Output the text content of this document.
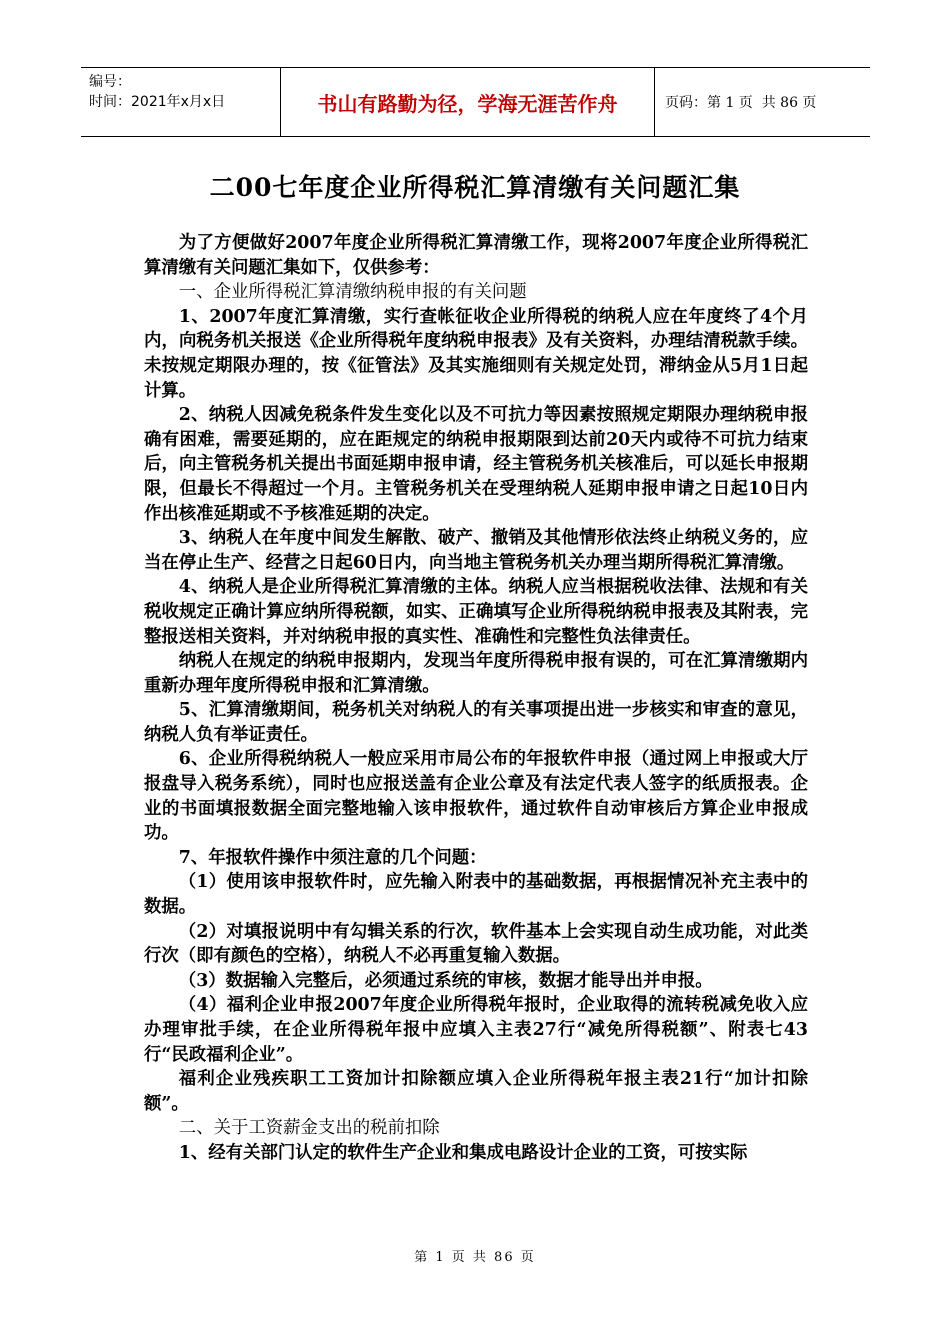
编号：
时间：2021年x月x日	书山有路勤为径，学海无涯苦作舟	页码：第 1 页  共 86 页
二00七年度企业所得税汇算清缴有关问题汇集

为了方便做好2007年度企业所得税汇算清缴工作，现将2007年度企业所得税汇算清缴有关问题汇集如下，仅供参考：

一、企业所得税汇算清缴纳税申报的有关问题

1、2007年度汇算清缴，实行查帐征收企业所得税的纳税人应在年度终了4个月内，向税务机关报送《企业所得税年度纳税申报表》及有关资料，办理结清税款手续。未按规定期限办理的，按《征管法》及其实施细则有关规定处罚，滞纳金从5月1日起计算。

2、纳税人因减免税条件发生变化以及不可抗力等因素按照规定期限办理纳税申报确有困难，需要延期的，应在距规定的纳税申报期限到达前20天内或待不可抗力结束后，向主管税务机关提出书面延期申报申请，经主管税务机关核准后，可以延长申报期限，但最长不得超过一个月。主管税务机关在受理纳税人延期申报申请之日起10日内作出核准延期或不予核准延期的决定。

3、纳税人在年度中间发生解散、破产、撤销及其他情形依法终止纳税义务的，应当在停止生产、经营之日起60日内，向当地主管税务机关办理当期所得税汇算清缴。

4、纳税人是企业所得税汇算清缴的主体。纳税人应当根据税收法律、法规和有关税收规定正确计算应纳所得税额，如实、正确填写企业所得税纳税申报表及其附表，完整报送相关资料，并对纳税申报的真实性、准确性和完整性负法律责任。

纳税人在规定的纳税申报期内，发现当年度所得税申报有误的，可在汇算清缴期内重新办理年度所得税申报和汇算清缴。

5、汇算清缴期间，税务机关对纳税人的有关事项提出进一步核实和审查的意见，纳税人负有举证责任。

6、企业所得税纳税人一般应采用市局公布的年报软件申报（通过网上申报或大厅报盘导入税务系统），同时也应报送盖有企业公章及有法定代表人签字的纸质报表。企业的书面填报数据全面完整地输入该申报软件，通过软件自动审核后方算企业申报成功。

7、年报软件操作中须注意的几个问题：

（1）使用该申报软件时，应先输入附表中的基础数据，再根据情况补充主表中的数据。

（2）对填报说明中有勾辑关系的行次，软件基本上会实现自动生成功能，对此类行次（即有颜色的空格），纳税人不必再重复输入数据。

（3）数据输入完整后，必须通过系统的审核，数据才能导出并申报。

（4）福利企业申报2007年度企业所得税年报时，企业取得的流转税减免收入应办理审批手续，在企业所得税年报中应填入主表27行“减免所得税额”、附表七43行“民政福利企业”。

福利企业残疾职工工资加计扣除额应填入企业所得税年报主表21行“加计扣除额”。

二、关于工资薪金支出的税前扣除

1、经有关部门认定的软件生产企业和集成电路设计企业的工资，可按实际

第 1 页 共 86 页
